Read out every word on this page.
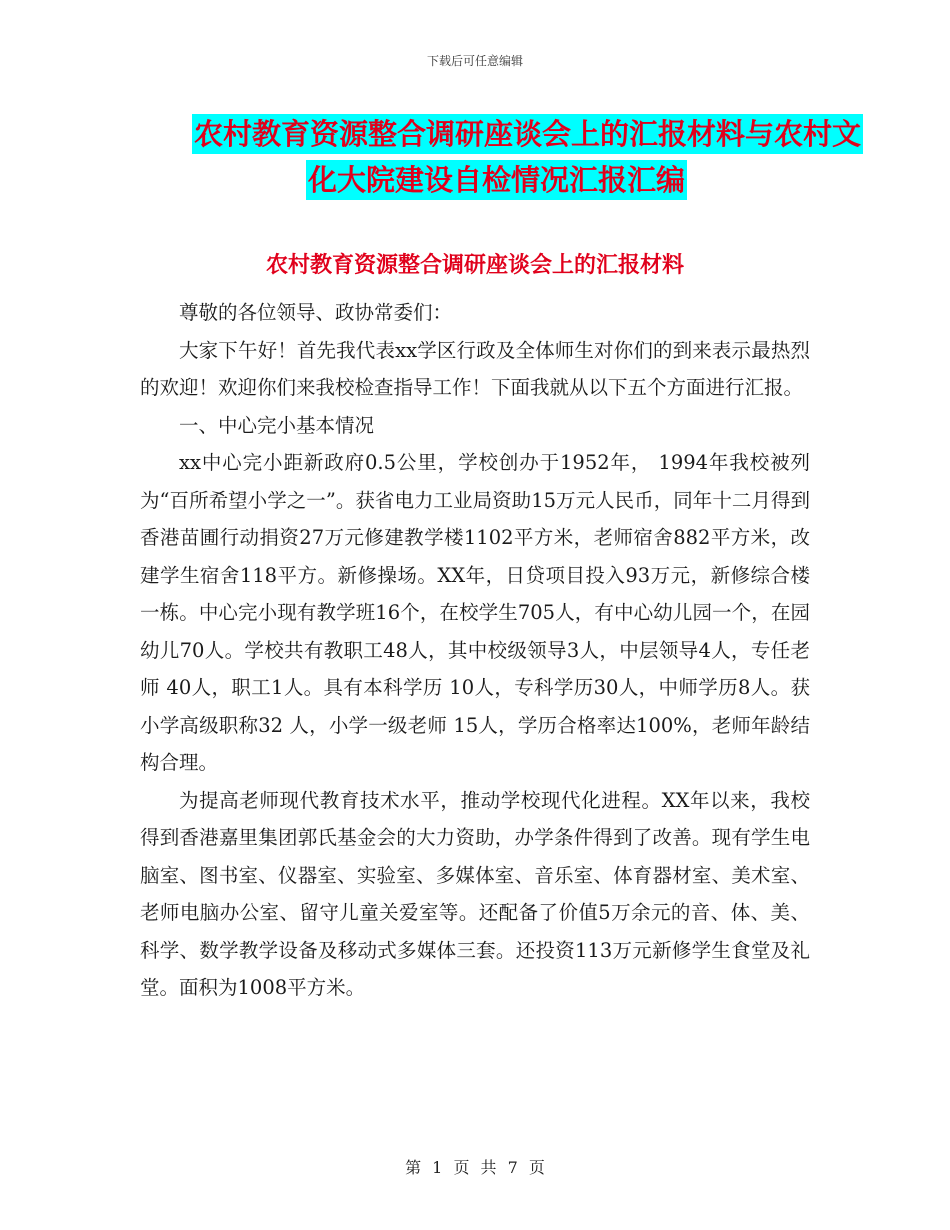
下载后可任意编辑
农村教育资源整合调研座谈会上的汇报材料与农村文
化大院建设自检情况汇报汇编
农村教育资源整合调研座谈会上的汇报材料

尊敬的各位领导、政协常委们：

大家下午好！首先我代表xx学区行政及全体师生对你们的到来表示最热烈的欢迎！欢迎你们来我校检查指导工作！下面我就从以下五个方面进行汇报。

一、中心完小基本情况

xx中心完小距新政府0.5公里，学校创办于1952年， 1994年我校被列为“百所希望小学之一”。获省电力工业局资助15万元人民币，同年十二月得到香港苗圃行动捐资27万元修建教学楼1102平方米，老师宿舍882平方米，改建学生宿舍118平方。新修操场。XX年，日贷项目投入93万元，新修综合楼一栋。中心完小现有教学班16个，在校学生705人，有中心幼儿园一个，在园幼儿70人。学校共有教职工48人，其中校级领导3人，中层领导4人，专任老师 40人，职工1人。具有本科学历 10人，专科学历30人，中师学历8人。获小学高级职称32 人，小学一级老师 15人，学历合格率达100%，老师年龄结构合理。

为提高老师现代教育技术水平，推动学校现代化进程。XX年以来，我校得到香港嘉里集团郭氏基金会的大力资助，办学条件得到了改善。现有学生电脑室、图书室、仪器室、实验室、多媒体室、音乐室、体育器材室、美术室、老师电脑办公室、留守儿童关爱室等。还配备了价值5万余元的音、体、美、科学、数学教学设备及移动式多媒体三套。还投资113万元新修学生食堂及礼堂。面积为1008平方米。

第 1 页 共 7 页
